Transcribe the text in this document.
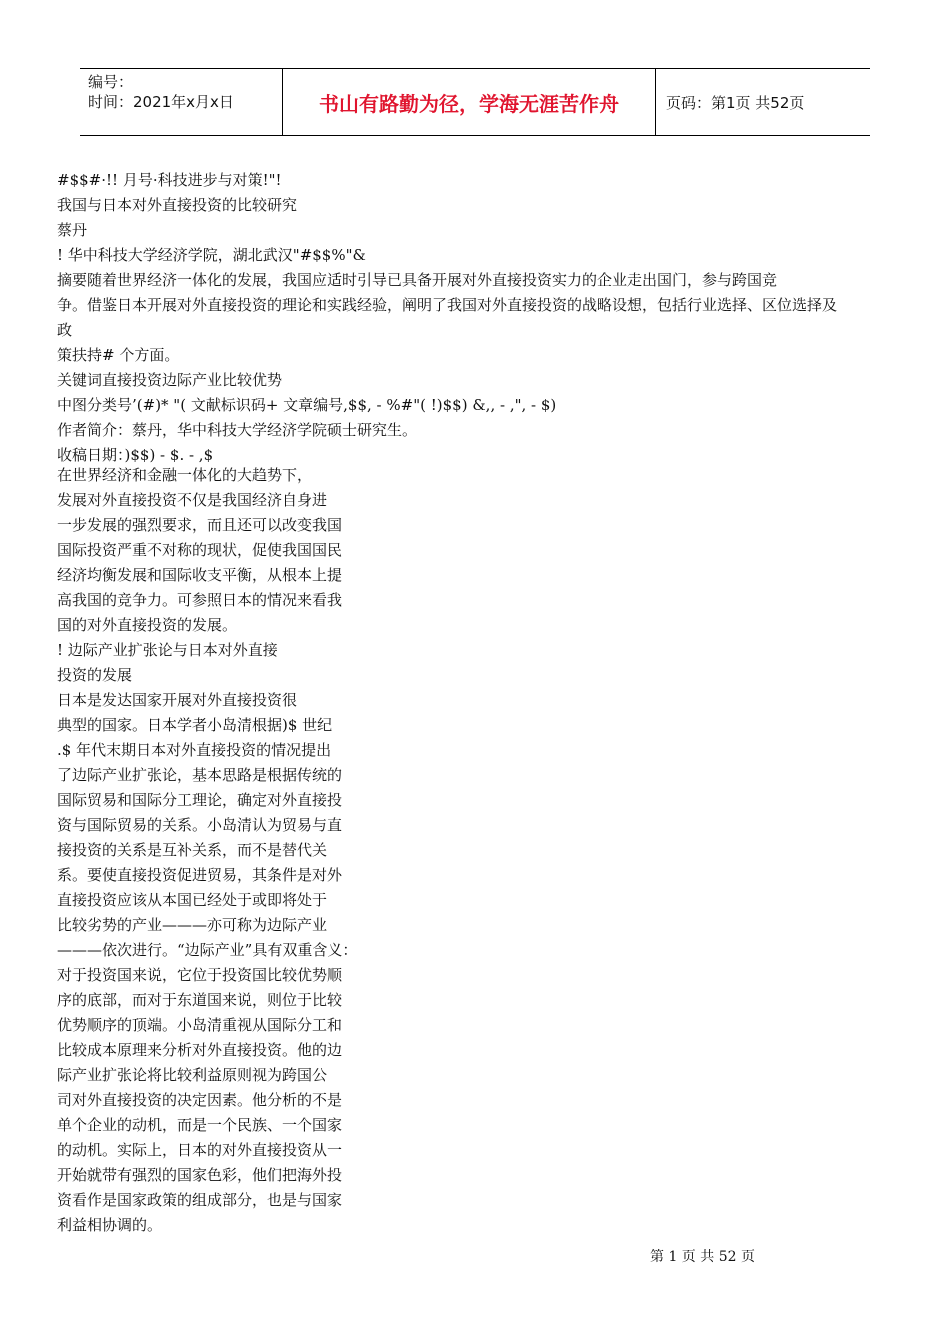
编号：
时间：2021年x月x日	书山有路勤为径，学海无涯苦作舟	页码：第1页 共52页
#$$#·!! 月号·科技进步与对策!"!
我国与日本对外直接投资的比较研究
蔡丹
! 华中科技大学经济学院，湖北武汉"#$$%"&
摘要随着世界经济一体化的发展，我国应适时引导已具备开展对外直接投资实力的企业走出国门，参与跨国竞
争。借鉴日本开展对外直接投资的理论和实践经验，阐明了我国对外直接投资的战略设想，包括行业选择、区位选择及
政
策扶持# 个方面。
关键词直接投资边际产业比较优势
中图分类号’(#)* "( 文献标识码+ 文章编号,$$, - %#"( !)$$) &,, - ,", - $)
作者简介：蔡丹，华中科技大学经济学院硕士研究生。
收稿日期：)$$) - $. - ,$
在世界经济和金融一体化的大趋势下，
发展对外直接投资不仅是我国经济自身进
一步发展的强烈要求，而且还可以改变我国
国际投资严重不对称的现状，促使我国国民
经济均衡发展和国际收支平衡，从根本上提
高我国的竞争力。可参照日本的情况来看我
国的对外直接投资的发展。
! 边际产业扩张论与日本对外直接
投资的发展
日本是发达国家开展对外直接投资很
典型的国家。日本学者小岛清根据)$ 世纪
.$ 年代末期日本对外直接投资的情况提出
了边际产业扩张论，基本思路是根据传统的
国际贸易和国际分工理论，确定对外直接投
资与国际贸易的关系。小岛清认为贸易与直
接投资的关系是互补关系，而不是替代关
系。要使直接投资促进贸易，其条件是对外
直接投资应该从本国已经处于或即将处于
比较劣势的产业———亦可称为边际产业
———依次进行。“边际产业”具有双重含义：
对于投资国来说，它位于投资国比较优势顺
序的底部，而对于东道国来说，则位于比较
优势顺序的顶端。小岛清重视从国际分工和
比较成本原理来分析对外直接投资。他的边
际产业扩张论将比较利益原则视为跨国公
司对外直接投资的决定因素。他分析的不是
单个企业的动机，而是一个民族、一个国家
的动机。实际上，日本的对外直接投资从一
开始就带有强烈的国家色彩，他们把海外投
资看作是国家政策的组成部分，也是与国家
利益相协调的。
第 1 页 共 52 页
